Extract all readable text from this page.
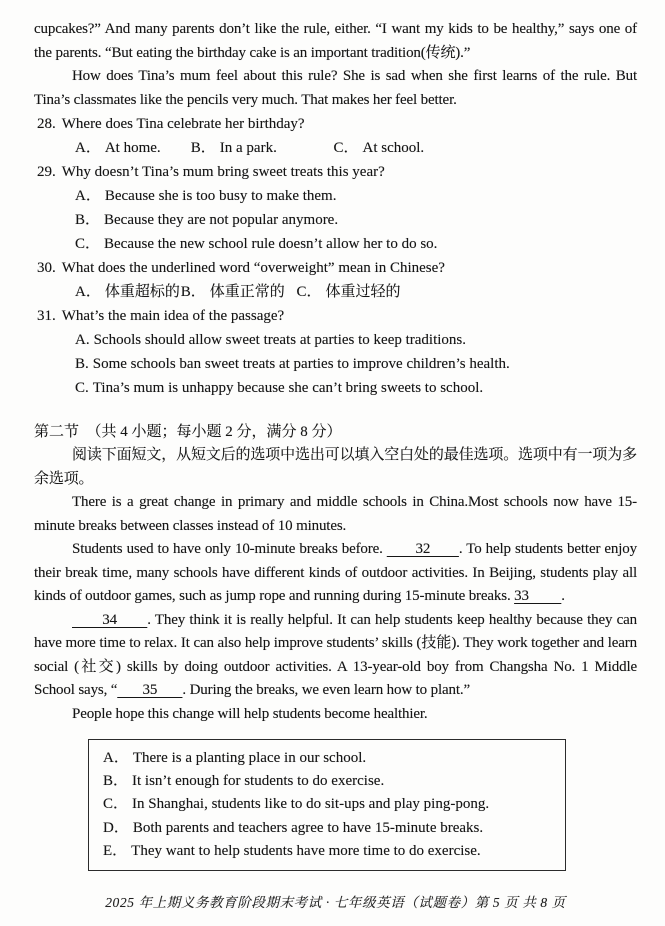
cupcakes?” And many parents don’t like the rule, either. “I want my kids to be healthy,” says one of the parents. “But eating the birthday cake is an important tradition(传统).”

How does Tina’s mum feel about this rule? She is sad when she first learns of the rule. But Tina’s classmates like the pencils very much. That makes her feel better.

28. Where does Tina celebrate her birthday?
A． At home. B． In a park.	C． At school.
29. Why doesn’t Tina’s mum bring sweet treats this year?
A． Because she is too busy to make them.
B． Because they are not popular anymore.
C． Because the new school rule doesn’t allow her to do so.
30. What does the underlined word “overweight” mean in Chinese?
A． 体重超标的 B． 体重正常的 C． 体重过轻的
31. What’s the main idea of the passage?
A. Schools should allow sweet treats at parties to keep traditions.
B. Some schools ban sweet treats at parties to improve children’s health.
C. Tina’s mum is unhappy because she can’t bring sweets to school.
第二节　（共 4 小题；每小题 2 分，满分 8 分）

阅读下面短文，从短文后的选项中选出可以填入空白处的最佳选项。选项中有一项为多余选项。

There is a great change in primary and middle schools in China.Most schools now have 15-minute breaks between classes instead of 10 minutes.

Students used to have only 10-minute breaks before.        32       . To help students better enjoy their break time, many schools have different kinds of outdoor activities. In Beijing, students play all kinds of outdoor games, such as jump rope and running during 15-minute breaks. 33         .

34       . They think it is really helpful. It can help students keep healthy because they can have more time to relax. It can also help improve students’ skills (技能). They work together and learn social (社交) skills by doing outdoor activities. A 13-year-old boy from Changsha No. 1 Middle School says, “       35       . During the breaks, we even learn how to plant.”

People hope this change will help students become healthier.

A． There is a planting place in our school.
B． It isn’t enough for students to do exercise.
C． In Shanghai, students like to do sit-ups and play ping-pong.
D． Both parents and teachers agree to have 15-minute breaks.
E． They want to help students have more time to do exercise.
2025 年上期义务教育阶段期末考试 · 七年级英语（试题卷）第 5 页 共 8 页
